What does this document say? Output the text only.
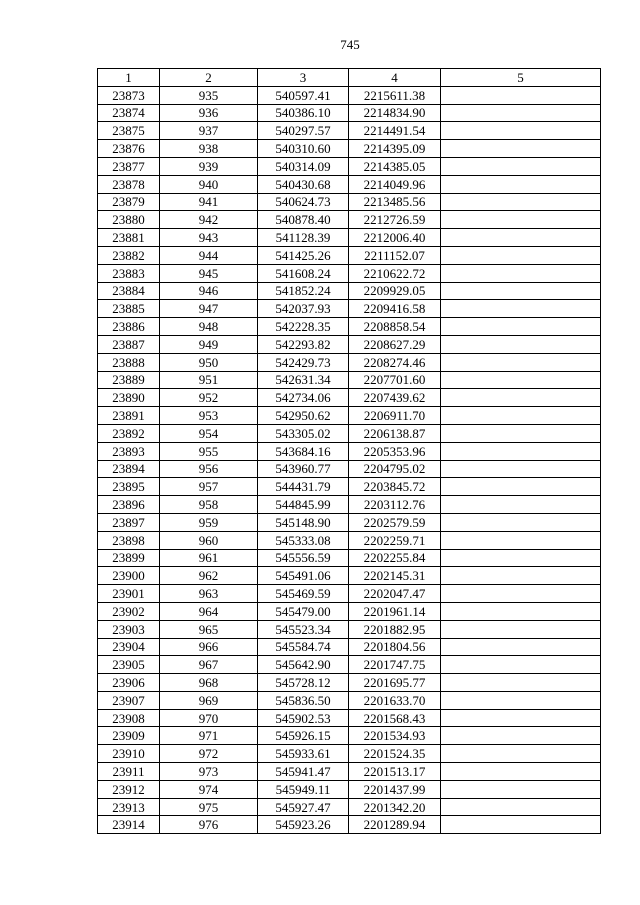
745
1	2	3	4	5
23873	935	540597.41	2215611.38	
23874	936	540386.10	2214834.90	
23875	937	540297.57	2214491.54	
23876	938	540310.60	2214395.09	
23877	939	540314.09	2214385.05	
23878	940	540430.68	2214049.96	
23879	941	540624.73	2213485.56	
23880	942	540878.40	2212726.59	
23881	943	541128.39	2212006.40	
23882	944	541425.26	2211152.07	
23883	945	541608.24	2210622.72	
23884	946	541852.24	2209929.05	
23885	947	542037.93	2209416.58	
23886	948	542228.35	2208858.54	
23887	949	542293.82	2208627.29	
23888	950	542429.73	2208274.46	
23889	951	542631.34	2207701.60	
23890	952	542734.06	2207439.62	
23891	953	542950.62	2206911.70	
23892	954	543305.02	2206138.87	
23893	955	543684.16	2205353.96	
23894	956	543960.77	2204795.02	
23895	957	544431.79	2203845.72	
23896	958	544845.99	2203112.76	
23897	959	545148.90	2202579.59	
23898	960	545333.08	2202259.71	
23899	961	545556.59	2202255.84	
23900	962	545491.06	2202145.31	
23901	963	545469.59	2202047.47	
23902	964	545479.00	2201961.14	
23903	965	545523.34	2201882.95	
23904	966	545584.74	2201804.56	
23905	967	545642.90	2201747.75	
23906	968	545728.12	2201695.77	
23907	969	545836.50	2201633.70	
23908	970	545902.53	2201568.43	
23909	971	545926.15	2201534.93	
23910	972	545933.61	2201524.35	
23911	973	545941.47	2201513.17	
23912	974	545949.11	2201437.99	
23913	975	545927.47	2201342.20	
23914	976	545923.26	2201289.94	
